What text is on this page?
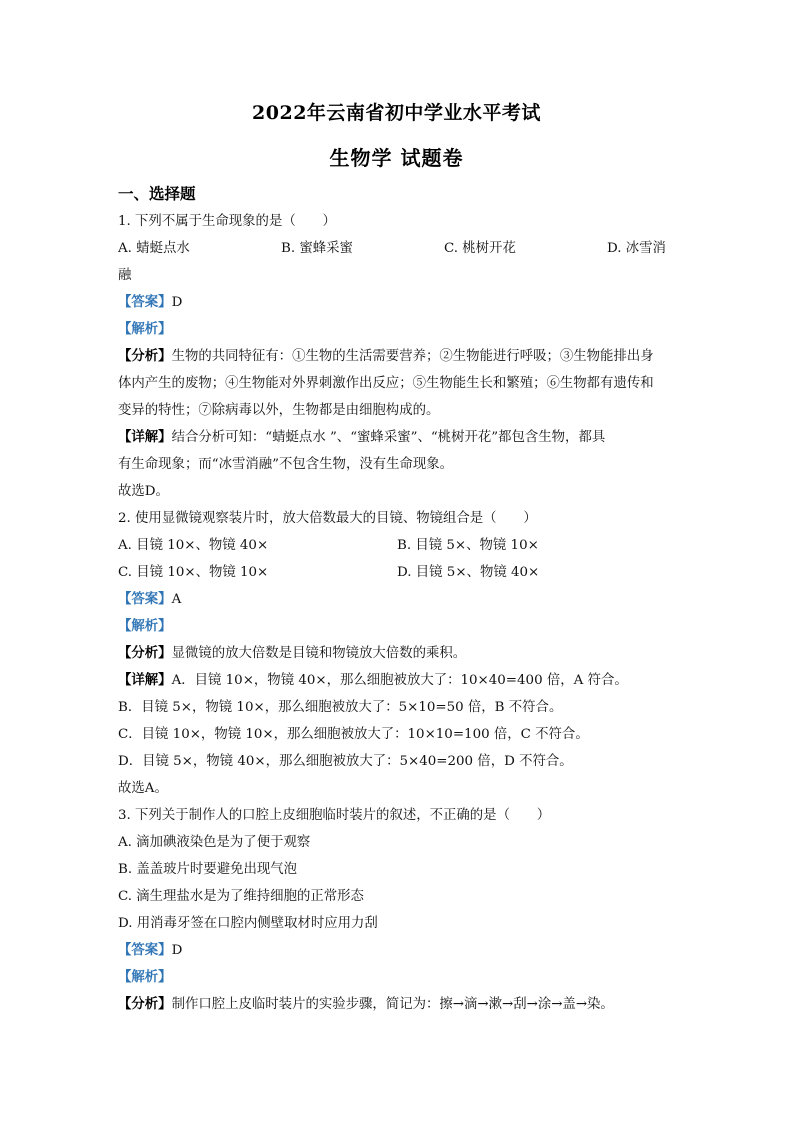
2022年云南省初中学业水平考试
生物学 试题卷
一、选择题
1. 下列不属于生命现象的是（　　）
A. 蜻蜓点水	B. 蜜蜂采蜜	C. 桃树开花	D. 冰雪消
融
【答案】D
【解析】
【分析】生物的共同特征有：①生物的生活需要营养；②生物能进行呼吸；③生物能排出身
体内产生的废物；④生物能对外界刺激作出反应；⑤生物能生长和繁殖；⑥生物都有遗传和
变异的特性；⑦除病毒以外，生物都是由细胞构成的。
【详解】结合分析可知：“蜻蜓点水 ”、“蜜蜂采蜜”、“桃树开花”都包含生物，都具
有生命现象；而“冰雪消融”不包含生物，没有生命现象。
故选D。
2. 使用显微镜观察装片时，放大倍数最大的目镜、物镜组合是（　　）
A. 目镜 10×、物镜 40×	B. 目镜 5×、物镜 10×
C. 目镜 10×、物镜 10×	D. 目镜 5×、物镜 40×
【答案】A
【解析】
【分析】显微镜的放大倍数是目镜和物镜放大倍数的乘积。
【详解】A．目镜 10×，物镜 40×，那么细胞被放大了：10×40=400 倍，A 符合。
B．目镜 5×，物镜 10×，那么细胞被放大了：5×10=50 倍，B 不符合。
C．目镜 10×，物镜 10×，那么细胞被放大了：10×10=100 倍，C 不符合。
D．目镜 5×，物镜 40×，那么细胞被放大了：5×40=200 倍，D 不符合。
故选A。
3. 下列关于制作人的口腔上皮细胞临时装片的叙述，不正确的是（　　）
A. 滴加碘液染色是为了便于观察
B. 盖盖玻片时要避免出现气泡
C. 滴生理盐水是为了维持细胞的正常形态
D. 用消毒牙签在口腔内侧壁取材时应用力刮
【答案】D
【解析】
【分析】制作口腔上皮临时装片的实验步骤，简记为：擦→滴→漱→刮→涂→盖→染。
